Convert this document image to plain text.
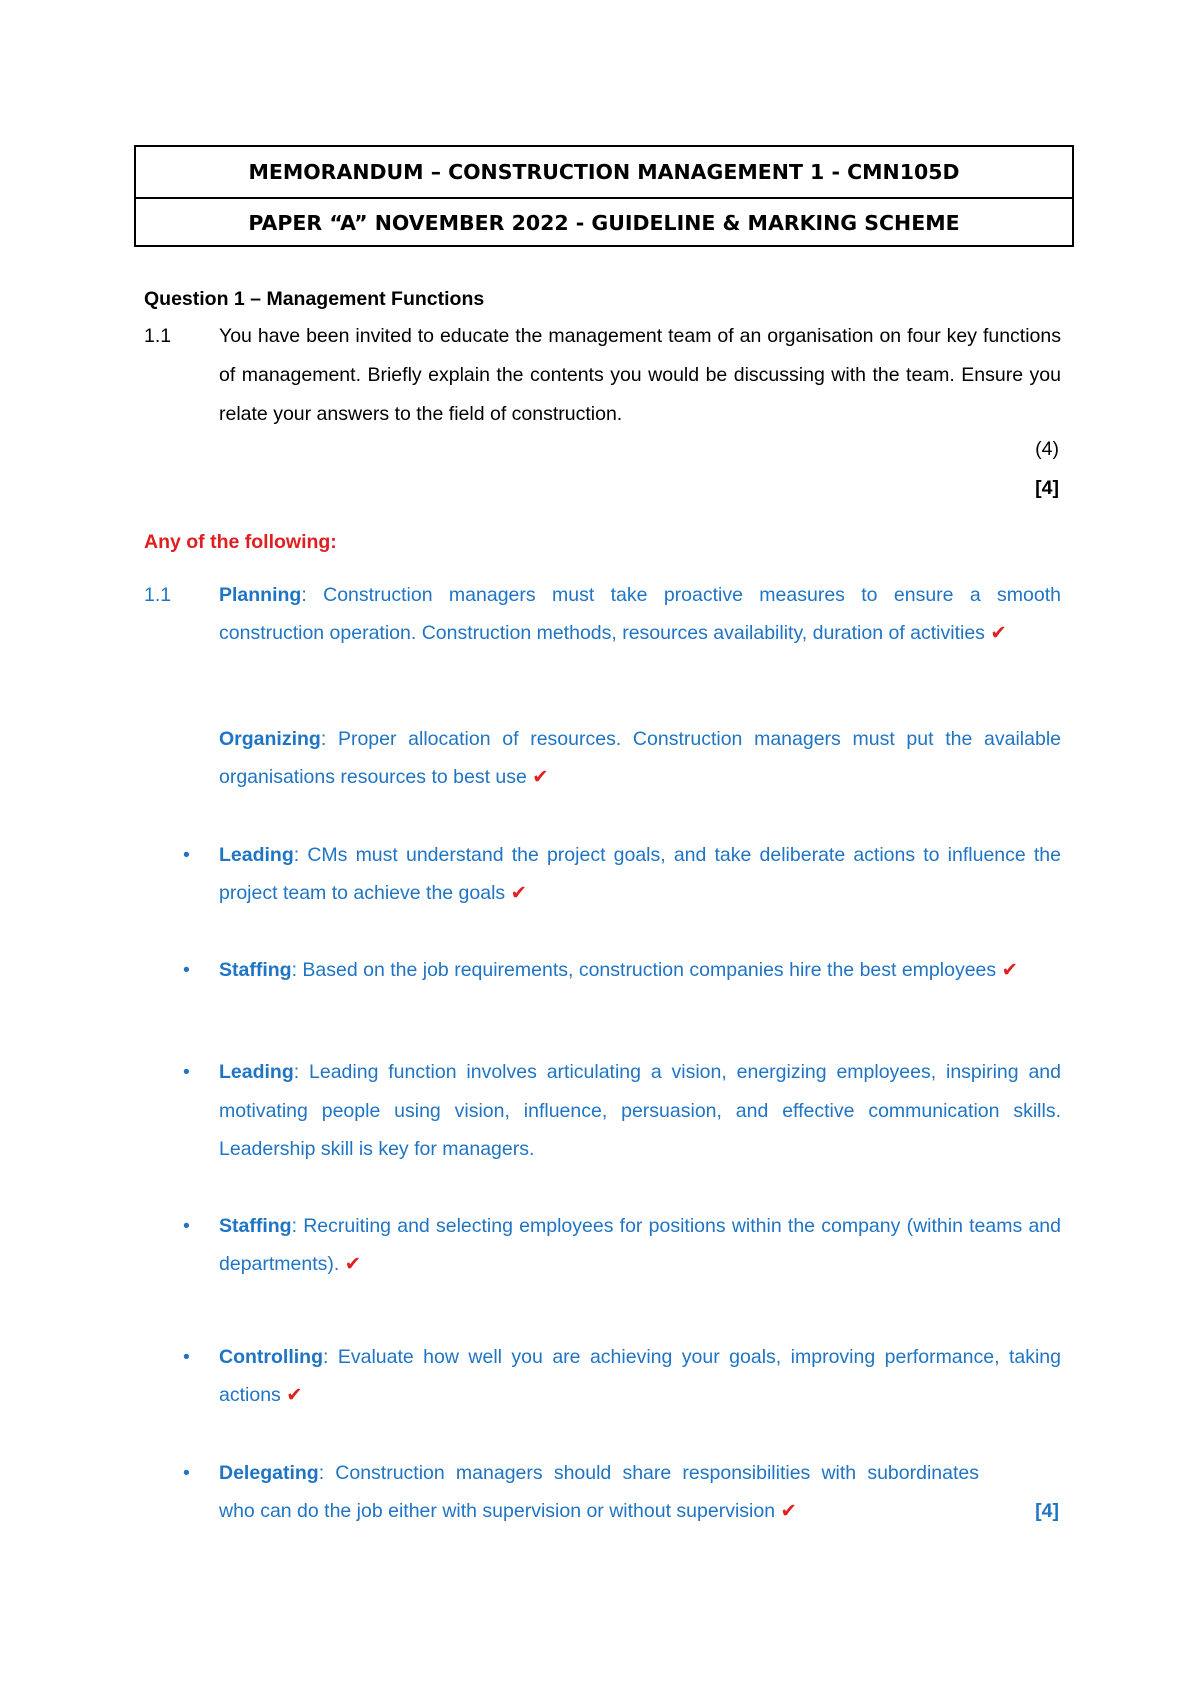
MEMORANDUM – CONSTRUCTION MANAGEMENT 1 - CMN105D
PAPER “A” NOVEMBER 2022 - GUIDELINE & MARKING SCHEME
Question 1 – Management Functions
1.1 You have been invited to educate the management team of an organisation on four key functions of management. Briefly explain the contents you would be discussing with the team. Ensure you relate your answers to the field of construction.
(4)
[4]
Any of the following:
1.1 Planning: Construction managers must take proactive measures to ensure a smooth construction operation. Construction methods, resources availability, duration of activities ✔
Organizing: Proper allocation of resources. Construction managers must put the available organisations resources to best use ✔
• Leading: CMs must understand the project goals, and take deliberate actions to influence the project team to achieve the goals ✔
• Staffing: Based on the job requirements, construction companies hire the best employees ✔
• Leading: Leading function involves articulating a vision, energizing employees, inspiring and motivating people using vision, influence, persuasion, and effective communication skills. Leadership skill is key for managers.
• Staffing: Recruiting and selecting employees for positions within the company (within teams and departments). ✔
• Controlling: Evaluate how well you are achieving your goals, improving performance, taking actions ✔
• Delegating: Construction managers should share responsibilities with subordinates who can do the job either with supervision or without supervision ✔	[4]
